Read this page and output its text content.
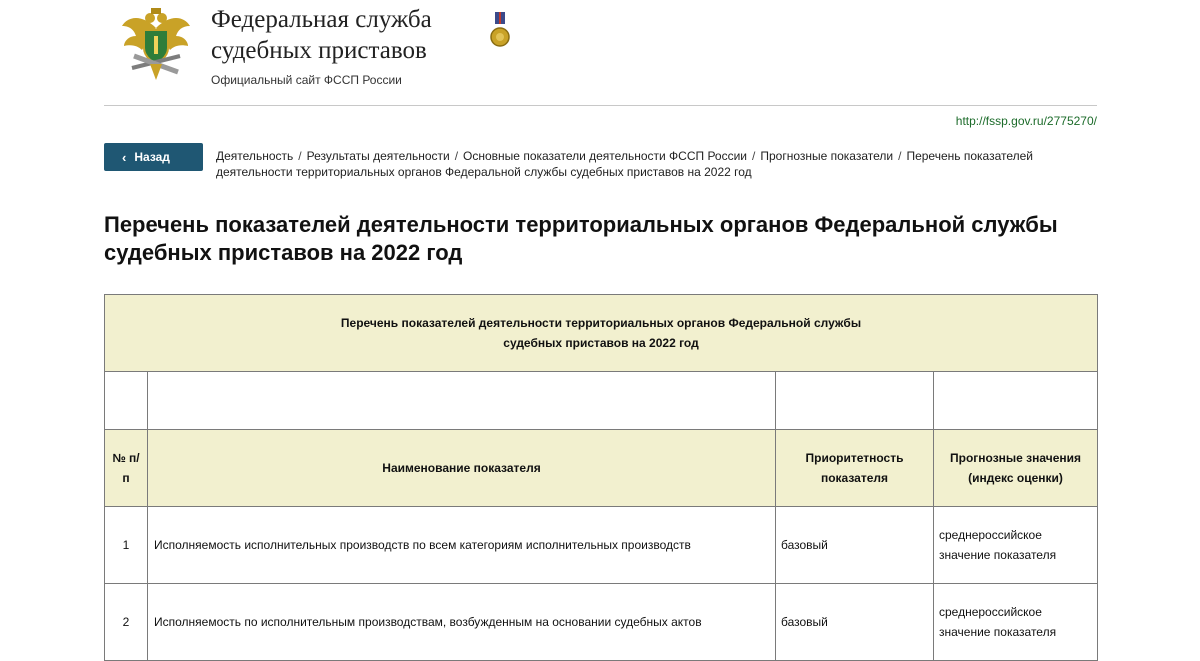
Федеральная служба
судебных приставов
Официальный сайт ФССП России
http://fssp.gov.ru/2775270/
‹ Назад	Деятельность / Результаты деятельности / Основные показатели деятельности ФССП России / Прогнозные показатели / Перечень показателей деятельности территориальных органов Федеральной службы судебных приставов на 2022 год
Перечень показателей деятельности территориальных органов Федеральной службы судебных приставов на 2022 год
Перечень показателей деятельности территориальных органов Федеральной службы
судебных приставов на 2022 год			

№ п/п	Наименование показателя	Приоритетность показателя	Прогнозные значения (индекс оценки)
1	Исполняемость исполнительных производств по всем категориям исполнительных производств	базовый	среднероссийское значение показателя
2	Исполняемость по исполнительным производствам, возбужденным на основании судебных актов	базовый	среднероссийское значение показателя
